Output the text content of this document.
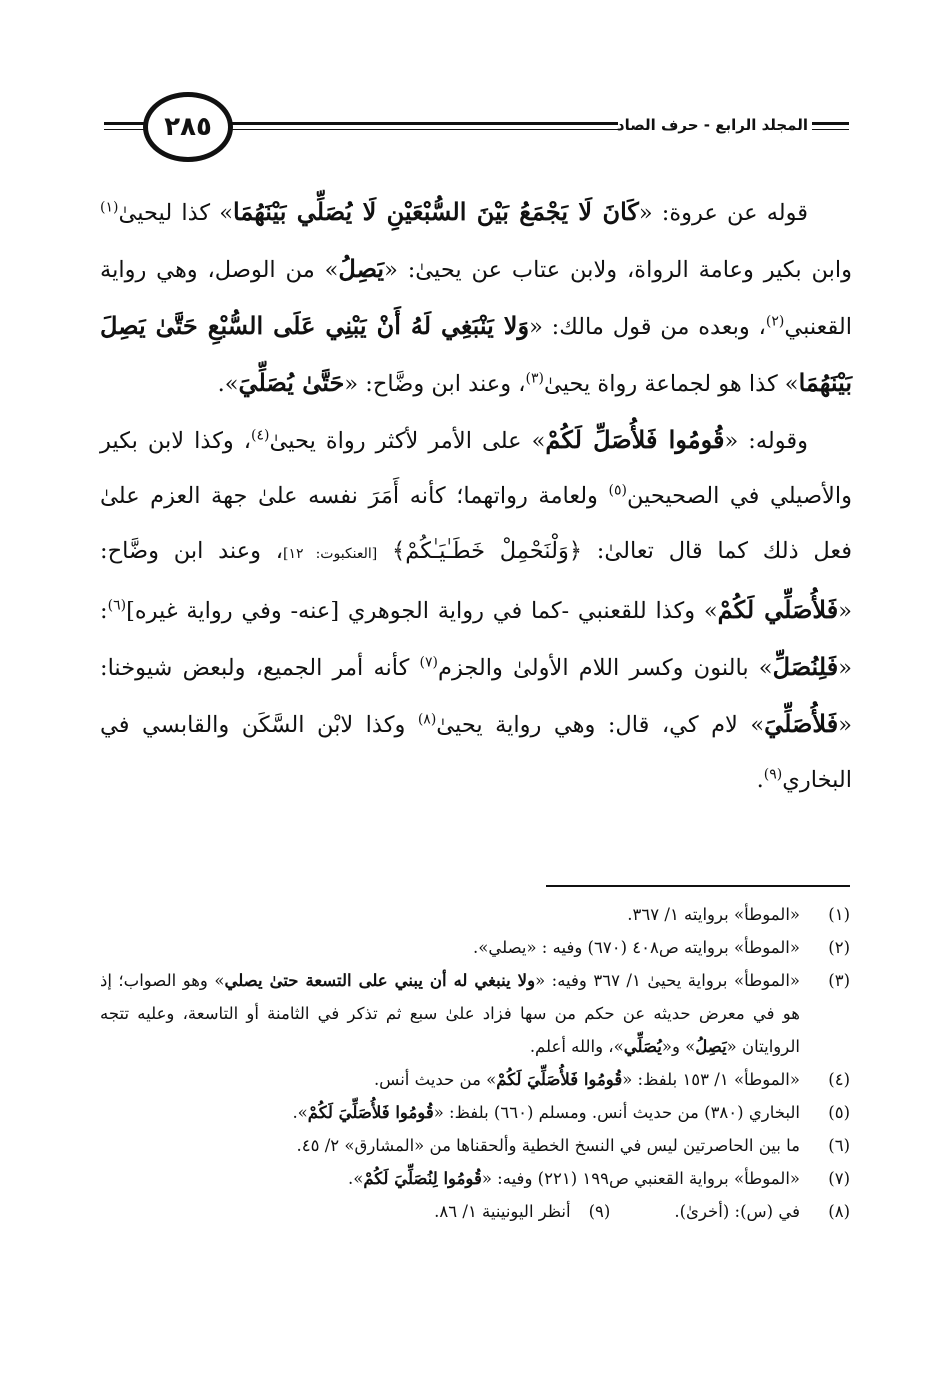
٢٨٥	المجلد الرابع - حرف الصاد

قوله عن عروة: «كَانَ لَا يَجْمَعُ بَيْنَ السُّبْعَيْنِ لَا يُصَلِّي بَيْنَهُمَا» كذا ليحيىٰ$^{(١)}$ وابن بكير وعامة الرواة، ولابن عتاب عن يحيىٰ: «يَصِلُ» من الوصل، وهي رواية القعنبي$^{(٢)}$، وبعده من قول مالك: «وَلا يَنْبَغِي لَهُ أَنْ يَبْنِي عَلَى السُّبْعِ حَتَّىٰ يَصِلَ بَيْنَهُمَا» كذا هو لجماعة رواة يحيىٰ$^{(٣)}$، وعند ابن وضَّاح: «حَتَّىٰ يُصَلِّيَ».

وقوله: «قُومُوا فَلأُصَلِّ لَكُمْ» على الأمر لأكثر رواة يحيىٰ$^{(٤)}$، وكذا لابن بكير والأصيلي في الصحيحين$^{(٥)}$ ولعامة رواتهما؛ كأنه أَمَرَ نفسه علىٰ جهة العزم علىٰ فعل ذلك كما قال تعالىٰ: ﴿وَلْنَحْمِلْ خَطَـٰيَـٰكُمْ﴾ [العنكبوت: ١٢]، وعند ابن وضَّاح: «فَلأُصَلِّي لَكُمْ» وكذا للقعنبي -كما في رواية الجوهري [عنه- وفي رواية غيره]$^{(٦)}$: «فَلِنُصَلِّ» بالنون وكسر اللام الأولىٰ والجزم$^{(٧)}$ كأنه أمر الجميع، ولبعض شيوخنا: «فَلأُصَلِّيَ» لام كي، قال: وهي رواية يحيىٰ$^{(٨)}$ وكذا لابْن السَّكَن والقابسي في البخاري$^{(٩)}$.

(١)
«الموطأ» بروايته ١/ ٣٦٧.
(٢)
«الموطأ» بروايته ص٤٠٨ (٦٧٠) وفيه : «يصلي».
(٣)
«الموطأ» برواية يحيىٰ ١/ ٣٦٧ وفيه: «ولا ينبغي له أن يبني على التسعة حتىٰ يصلي» وهو الصواب؛ إذ هو في معرض حديثه عن حكم من سها فزاد علىٰ سبع ثم تذكر في الثامنة أو التاسعة، وعليه تتجه الروايتان «يَصِلُ» و«يُصَلِّي»، والله أعلم.
(٤)
«الموطأ» ١/ ١٥٣ بلفظ: «قُومُوا فَلأُصَلِّيَ لَكُمْ» من حديث أنس.
(٥)
البخاري (٣٨٠) من حديث أنس. ومسلم (٦٦٠) بلفظ: «قُومُوا فَلأُصَلِّيَ لَكُمْ».
(٦)
ما بين الحاصرتين ليس في النسخ الخطية وألحقناها من «المشارق» ٢/ ٤٥.
(٧)
«الموطأ» برواية القعنبي ص١٩٩ (٢٢١) وفيه: «قُومُوا لِنُصَلِّيَ لَكُمْ».
(٨)
في (س): (أخرىٰ).(٩)أنظر اليونينية ١/ ٨٦.
